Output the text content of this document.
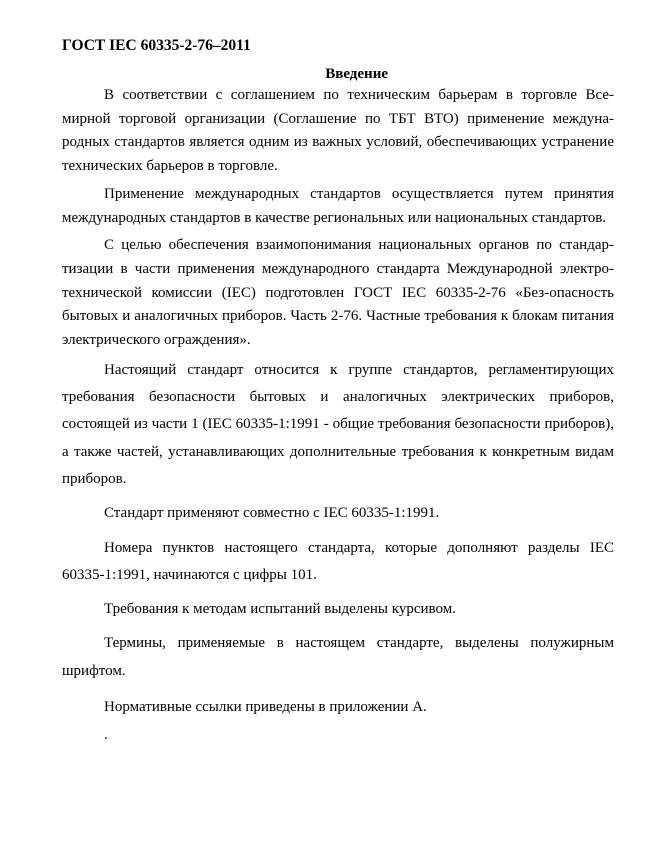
ГОСТ IEC 60335-2-76–2011

Введение

В соответствии с соглашением по техническим барьерам в торговле Всемирной торговой организации (Соглашение по ТБТ ВТО) применение международных стандартов является одним из важных условий, обеспечивающих устранение технических барьеров в торговле.

Применение международных стандартов осуществляется путем принятия международных стандартов в качестве региональных или национальных стандартов.

С целью обеспечения взаимопонимания национальных органов по стандартизации в части применения международного стандарта Международной электротехнической комиссии (IEC) подготовлен ГОСТ IEC 60335-2-76 «Без-опасность бытовых и аналогичных приборов. Часть 2-76. Частные требования к блокам питания электрического ограждения».

Настоящий стандарт относится к группе стандартов, регламентирующих требования безопасности бытовых и аналогичных электрических приборов, состоящей из части 1 (IEC 60335-1:1991 - общие требования безопасности приборов), а также частей, устанавливающих дополнительные требования к конкретным видам приборов.

Стандарт применяют совместно с IEC 60335-1:1991.

Номера пунктов настоящего стандарта, которые дополняют разделы IEC 60335-1:1991, начинаются с цифры 101.

Требования к методам испытаний выделены курсивом.

Термины, применяемые в настоящем стандарте, выделены полужирным шрифтом.

Нормативные ссылки приведены в приложении А.

.
